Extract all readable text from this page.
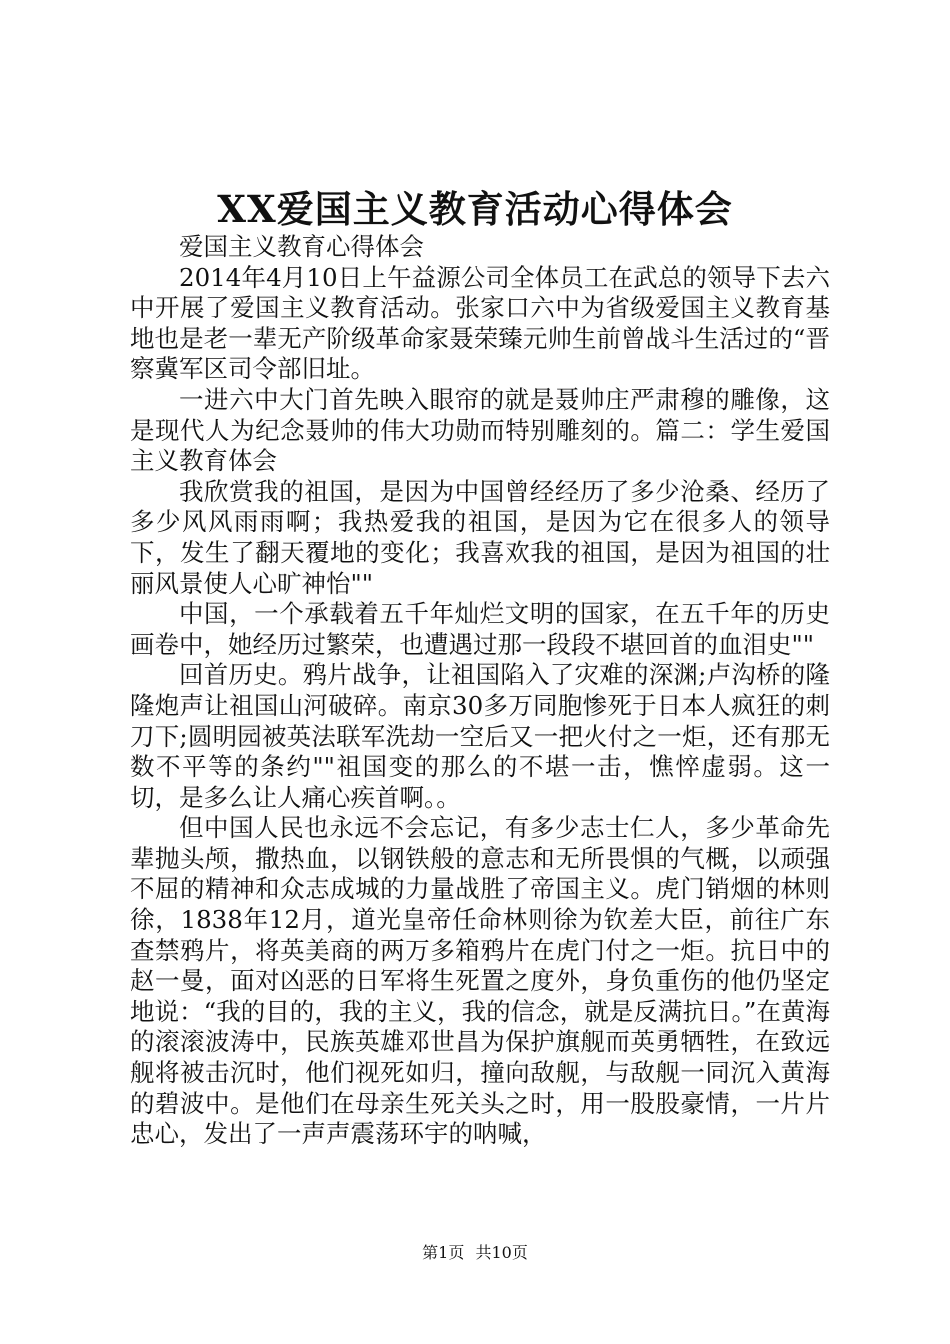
XX爱国主义教育活动心得体会

爱国主义教育心得体会

2014年4月10日上午益源公司全体员工在武总的领导下去六中开展了爱国主义教育活动。张家口六中为省级爱国主义教育基地也是老一辈无产阶级革命家聂荣臻元帅生前曾战斗生活过的“晋察冀军区司令部旧址。

一进六中大门首先映入眼帘的就是聂帅庄严肃穆的雕像，这是现代人为纪念聂帅的伟大功勋而特别雕刻的。篇二：学生爱国主义教育体会

我欣赏我的祖国，是因为中国曾经经历了多少沧桑、经历了多少风风雨雨啊；我热爱我的祖国，是因为它在很多人的领导下，发生了翻天覆地的变化；我喜欢我的祖国，是因为祖国的壮丽风景使人心旷神怡""

中国，一个承载着五千年灿烂文明的国家，在五千年的历史画卷中，她经历过繁荣，也遭遇过那一段段不堪回首的血泪史""

回首历史。鸦片战争，让祖国陷入了灾难的深渊;卢沟桥的隆隆炮声让祖国山河破碎。南京30多万同胞惨死于日本人疯狂的刺刀下;圆明园被英法联军洗劫一空后又一把火付之一炬，还有那无数不平等的条约""祖国变的那么的不堪一击，憔悴虚弱。这一切，是多么让人痛心疾首啊。。

但中国人民也永远不会忘记，有多少志士仁人，多少革命先辈抛头颅，撒热血，以钢铁般的意志和无所畏惧的气概，以顽强不屈的精神和众志成城的力量战胜了帝国主义。虎门销烟的林则徐，1838年12月，道光皇帝任命林则徐为钦差大臣，前往广东查禁鸦片，将英美商的两万多箱鸦片在虎门付之一炬。抗日中的赵一曼，面对凶恶的日军将生死置之度外，身负重伤的他仍坚定地说：“我的目的，我的主义，我的信念，就是反满抗日。”在黄海的滚滚波涛中，民族英雄邓世昌为保护旗舰而英勇牺牲，在致远舰将被击沉时，他们视死如归，撞向敌舰，与敌舰一同沉入黄海的碧波中。是他们在母亲生死关头之时，用一股股豪情，一片片忠心，发出了一声声震荡环宇的呐喊，

第1页 共10页
